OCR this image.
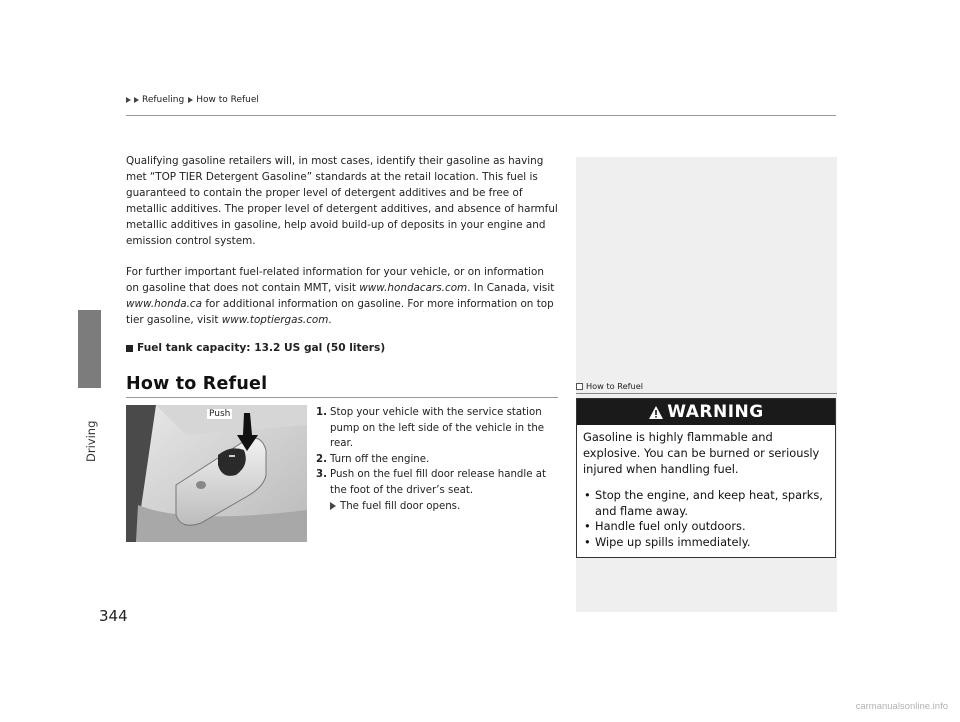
Driving
344
Refueling How to Refuel

Qualifying gasoline retailers will, in most cases, identify their gasoline as having met “TOP TIER Detergent Gasoline” standards at the retail location. This fuel is guaranteed to contain the proper level of detergent additives and be free of metallic additives. The proper level of detergent additives, and absence of harmful metallic additives in gasoline, help avoid build-up of deposits in your engine and emission control system.

For further important fuel-related information for your vehicle, or on information on gasoline that does not contain MMT, visit www.hondacars.com. In Canada, visit www.honda.ca for additional information on gasoline. For more information on top tier gasoline, visit www.toptiergas.com.

Fuel tank capacity: 13.2 US gal (50 liters)
How to Refuel
Push	1. Stop your vehicle with the service station pump on the left side of the vehicle in the rear.
2. Turn off the engine.
3. Push on the fuel fill door release handle at the foot of the driver’s seat.
The fuel fill door opens.
How to Refuel
WARNING

Gasoline is highly flammable and explosive. You can be burned or seriously injured when handling fuel.

• Stop the engine, and keep heat, sparks, and flame away.
• Handle fuel only outdoors.
• Wipe up spills immediately.
carmanualsonline.info
